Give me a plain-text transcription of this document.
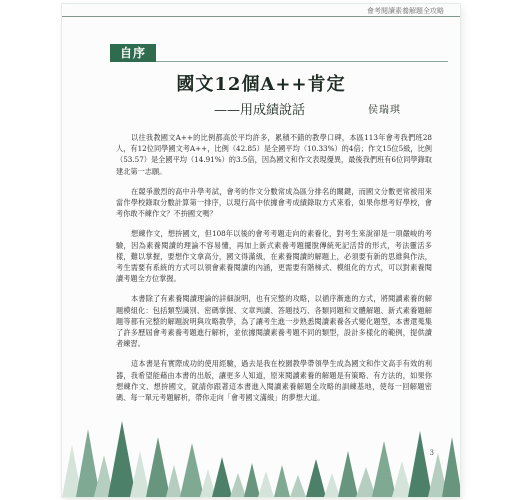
會考閱讀素養解題全攻略
自序
國文12個A++肯定
——用成績說話	侯瑞琪

以往我教國文A++的比例都高於平均許多，累積不錯的教學口碑，本區113年會考我們班28人，有12位同學國文考A++，比例（42.85）是全國平均（10.33%）的4倍；作文15位5級，比例（53.57）是全國平均（14.91%）的3.5倍，因為國文和作文表現優異，最後我們班有6位同學錄取建北第一志願。

在競爭激烈的高中升學考試，會考的作文分數常成為區分排名的關鍵，而國文分數更常被用來當作學校錄取分數計算第一排序，以現行高中依據會考成績錄取方式來看，如果你想考好學校，會考你敢不練作文？不拚國文嗎？

想練作文，想拚國文，但108年以後的會考考題走向的素養化，對考生來說卻是一項嚴峻的考驗，因為素養閱讀的理論不容易懂，再加上新式素養考題擺脫傳統死記活背的形式，考法靈活多樣，難以掌握，要想作文拿高分，國文得滿級，在素養閱讀的解題上，必須要有新的思維與作法，考生需要有系統的方式可以領會素養閱讀的內涵，更需要有階梯式、模組化的方式，可以對素養閱讀考題全方位掌握。

本書除了有素養閱讀理論的詳細說明，也有完整的攻略，以循序漸進的方式，將閱讀素養的解題模組化：包括類型識別、密碼掌握、文章判讀、答題技巧、各類同題和文體解題、新式素養題解題等都有完整的解題說明與攻略教學，為了讓考生進一步熟悉閱讀素養各式變化題型，本書還蒐集了許多歷屆會考素養考題進行解析，並依據閱讀素養考題不同的類型，設計多樣化的範例，提供讀者練習。

這本書是有實際成功的使用經驗，過去是我在校園教學帶領學生成為國文和作文高手有效的利器，我希望能藉由本書的出版，讓更多人知道，原來閱讀素養的解題是有策略、有方法的，如果你想練作文、想拚國文，就請你跟著這本書進入閱讀素養解題全攻略的訓練基地，使每一回解題密碼、每一單元考題解析，帶你走向「會考國文滿級」的夢想大道。

3
